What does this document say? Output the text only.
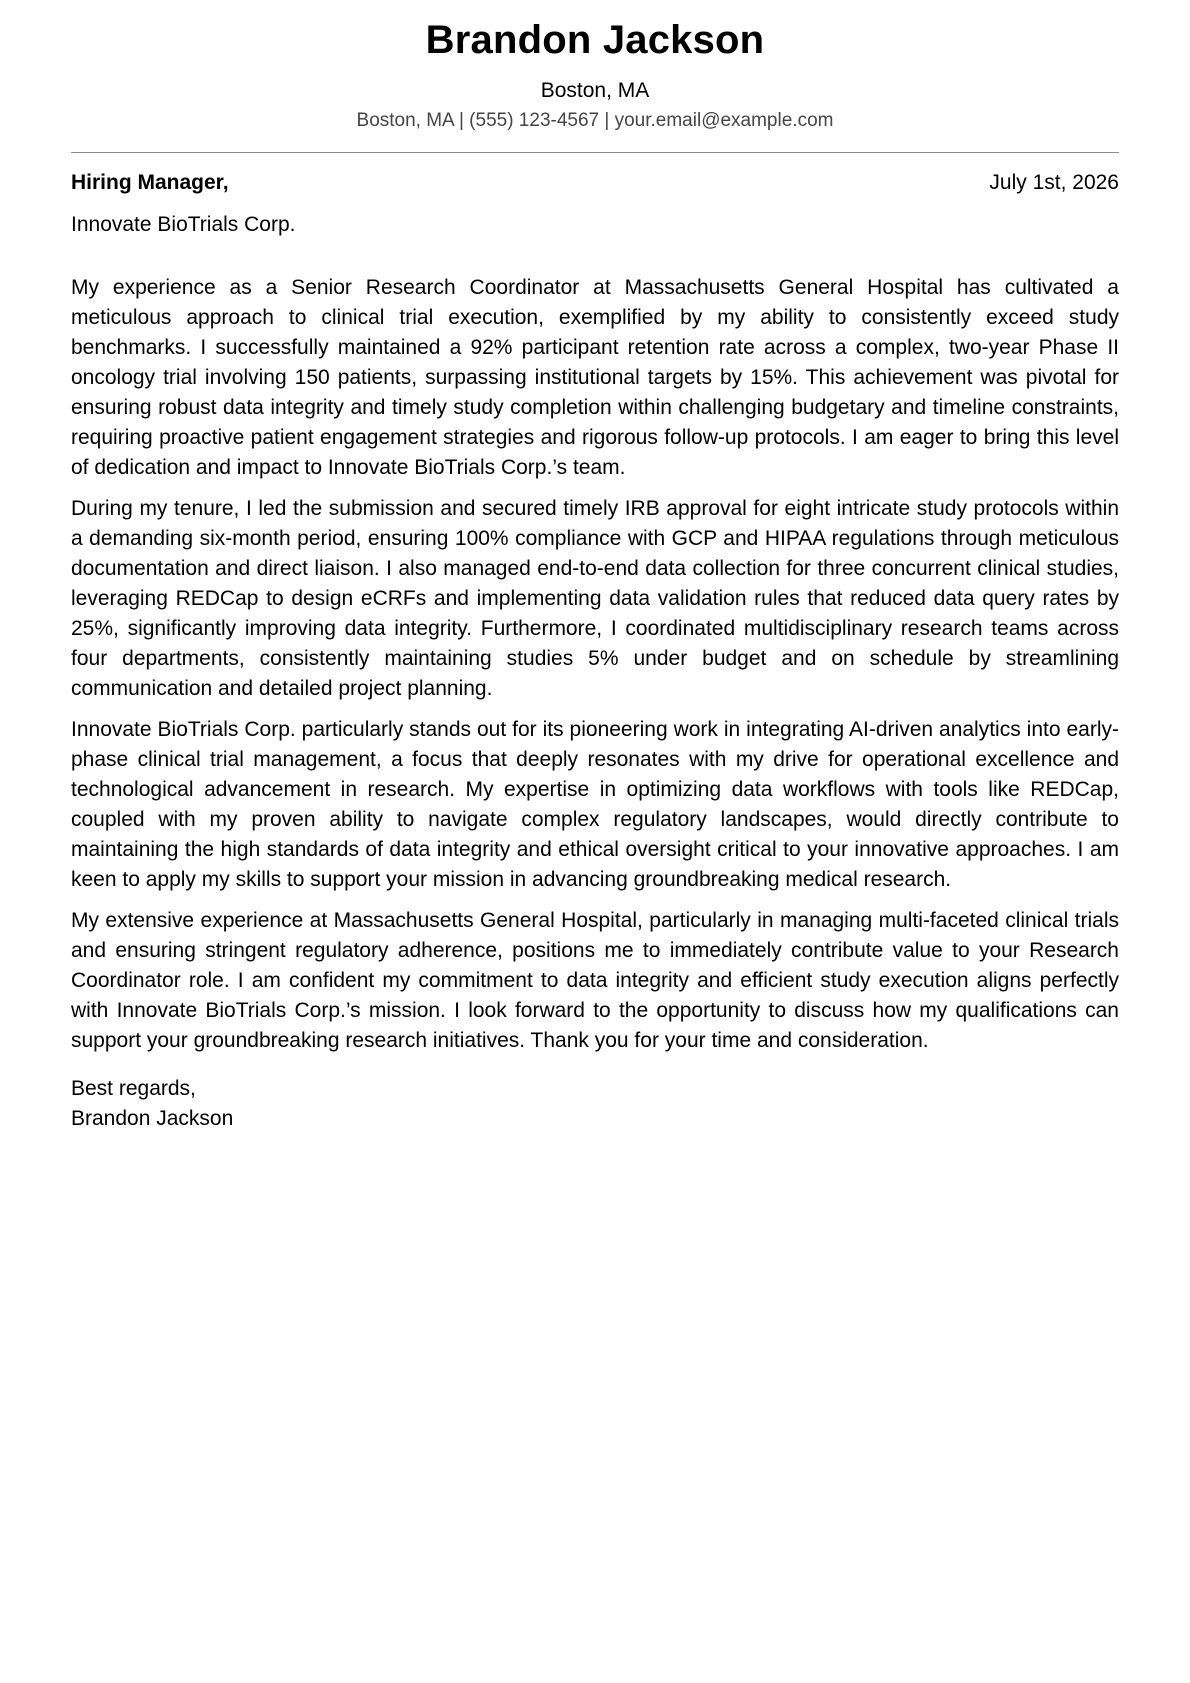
Brandon Jackson
Boston, MA
Boston, MA | (555) 123-4567 | your.email@example.com
Hiring Manager,	July 1st, 2026
Innovate BioTrials Corp.

My experience as a Senior Research Coordinator at Massachusetts General Hospital has cultivated a meticulous approach to clinical trial execution, exemplified by my ability to consistently exceed study benchmarks. I successfully maintained a 92% participant retention rate across a complex, two-year Phase II oncology trial involving 150 patients, surpassing institutional targets by 15%. This achievement was pivotal for ensuring robust data integrity and timely study completion within challenging budgetary and timeline constraints, requiring proactive patient engagement strategies and rigorous follow-up protocols. I am eager to bring this level of dedication and impact to Innovate BioTrials Corp.’s team.

During my tenure, I led the submission and secured timely IRB approval for eight intricate study protocols within a demanding six-month period, ensuring 100% compliance with GCP and HIPAA regulations through meticulous documentation and direct liaison. I also managed end-to-end data collection for three concurrent clinical studies, leveraging REDCap to design eCRFs and implementing data validation rules that reduced data query rates by 25%, significantly improving data integrity. Furthermore, I coordinated multidisciplinary research teams across four departments, consistently maintaining studies 5% under budget and on schedule by streamlining communication and detailed project planning.

Innovate BioTrials Corp. particularly stands out for its pioneering work in integrating AI-driven analytics into early-phase clinical trial management, a focus that deeply resonates with my drive for operational excellence and technological advancement in research. My expertise in optimizing data workflows with tools like REDCap, coupled with my proven ability to navigate complex regulatory landscapes, would directly contribute to maintaining the high standards of data integrity and ethical oversight critical to your innovative approaches. I am keen to apply my skills to support your mission in advancing groundbreaking medical research.

My extensive experience at Massachusetts General Hospital, particularly in managing multi-faceted clinical trials and ensuring stringent regulatory adherence, positions me to immediately contribute value to your Research Coordinator role. I am confident my commitment to data integrity and efficient study execution aligns perfectly with Innovate BioTrials Corp.’s mission. I look forward to the opportunity to discuss how my qualifications can support your groundbreaking research initiatives. Thank you for your time and consideration.

Best regards,
Brandon Jackson
